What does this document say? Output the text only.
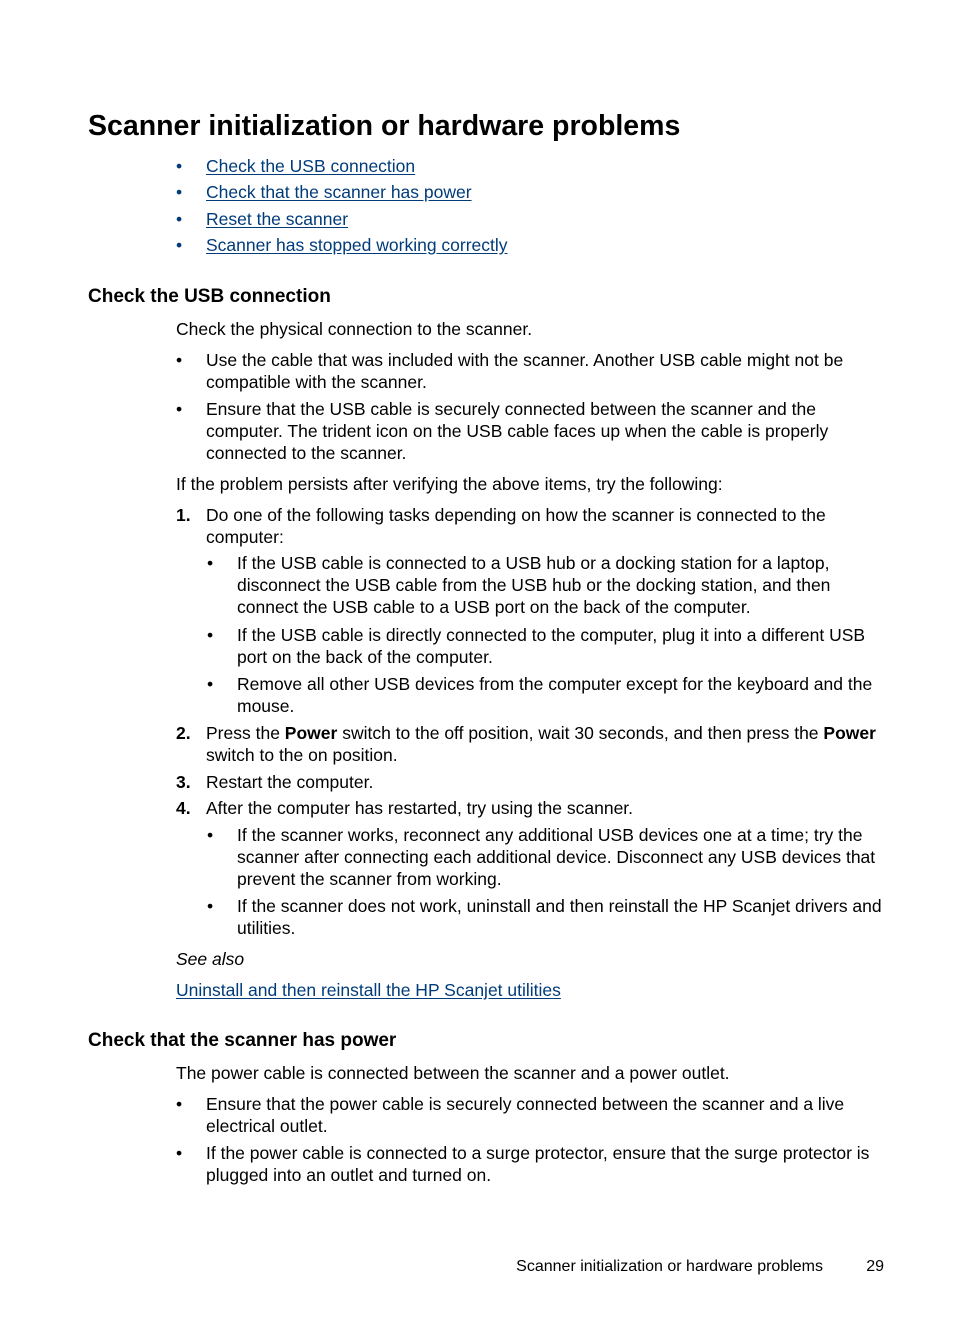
Scanner initialization or hardware problems
• Check the USB connection
• Check that the scanner has power
• Reset the scanner
• Scanner has stopped working correctly
Check the USB connection

Check the physical connection to the scanner.

• Use the cable that was included with the scanner. Another USB cable might not be compatible with the scanner.
• Ensure that the USB cable is securely connected between the scanner and the computer. The trident icon on the USB cable faces up when the cable is properly connected to the scanner.

If the problem persists after verifying the above items, try the following:

1. Do one of the following tasks depending on how the scanner is connected to the computer:
• If the USB cable is connected to a USB hub or a docking station for a laptop, disconnect the USB cable from the USB hub or the docking station, and then connect the USB cable to a USB port on the back of the computer.
• If the USB cable is directly connected to the computer, plug it into a different USB port on the back of the computer.
• Remove all other USB devices from the computer except for the keyboard and the mouse.
2. Press the Power switch to the off position, wait 30 seconds, and then press the Power switch to the on position.
3. Restart the computer.
4. After the computer has restarted, try using the scanner.
• If the scanner works, reconnect any additional USB devices one at a time; try the scanner after connecting each additional device. Disconnect any USB devices that prevent the scanner from working.
• If the scanner does not work, uninstall and then reinstall the HP Scanjet drivers and utilities.

See also

Uninstall and then reinstall the HP Scanjet utilities

Check that the scanner has power

The power cable is connected between the scanner and a power outlet.

• Ensure that the power cable is securely connected between the scanner and a live electrical outlet.
• If the power cable is connected to a surge protector, ensure that the surge protector is plugged into an outlet and turned on.
Scanner initialization or hardware problems	29
